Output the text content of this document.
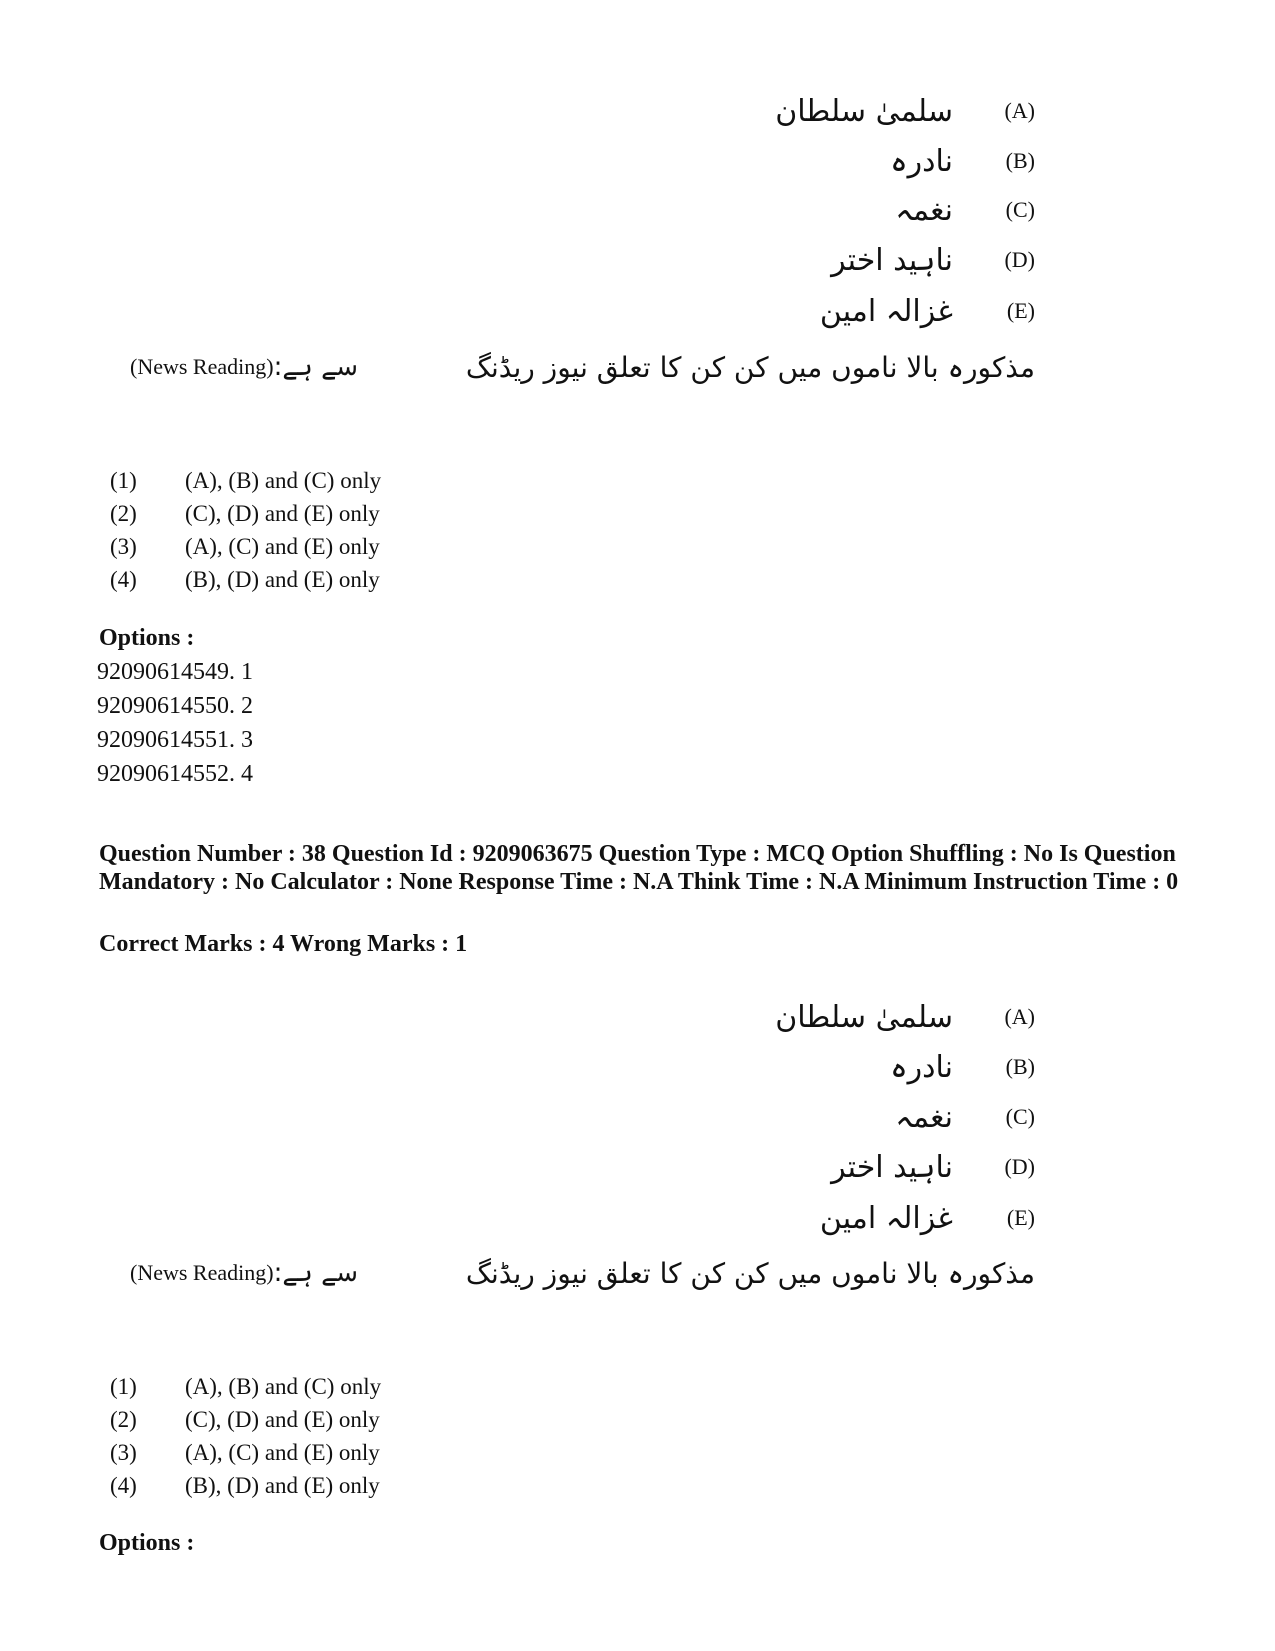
(A)
سلمیٰ سلطان
(B)
نادرہ
(C)
نغمہ
(D)
ناہید اختر
(E)
غزالہ امین
سے ہے:
(News Reading)	مذکورہ بالا ناموں میں کن کن کا تعلق نیوز ریڈنگ
(1)	(A), (B) and (C) only
(2)	(C), (D) and (E) only
(3)	(A), (C) and (E) only
(4)	(B), (D) and (E) only
Options :
92090614549. 1
92090614550. 2
92090614551. 3
92090614552. 4
Question Number : 38 Question Id : 9209063675 Question Type : MCQ Option Shuffling : No Is Question Mandatory : No Calculator : None Response Time : N.A Think Time : N.A Minimum Instruction Time : 0
Correct Marks : 4 Wrong Marks : 1
(A)
سلمیٰ سلطان
(B)
نادرہ
(C)
نغمہ
(D)
ناہید اختر
(E)
غزالہ امین
سے ہے:
(News Reading)	مذکورہ بالا ناموں میں کن کن کا تعلق نیوز ریڈنگ
(1)	(A), (B) and (C) only
(2)	(C), (D) and (E) only
(3)	(A), (C) and (E) only
(4)	(B), (D) and (E) only
Options :
